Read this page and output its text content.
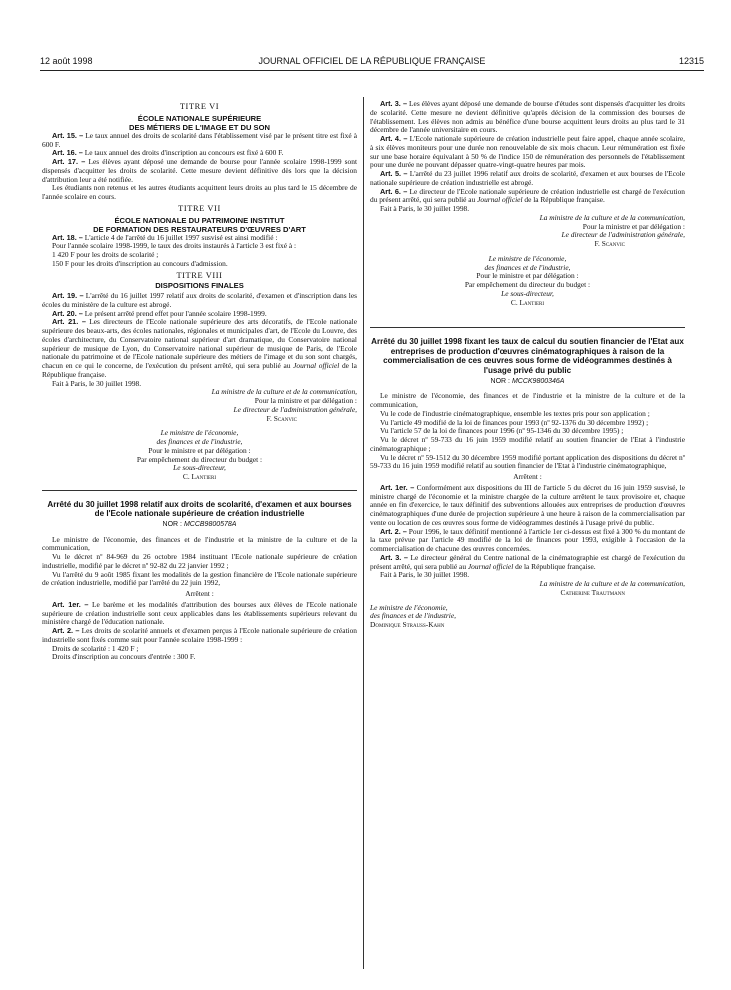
12 août 1998	JOURNAL OFFICIEL DE LA RÉPUBLIQUE FRANÇAISE	12315
TITRE VI
ÉCOLE NATIONALE SUPÉRIEURE
DES MÉTIERS DE L'IMAGE ET DU SON

Art. 15. – Le taux annuel des droits de scolarité dans l'établissement visé par le présent titre est fixé à 600 F.

Art. 16. – Le taux annuel des droits d'inscription au concours est fixé à 600 F.

Art. 17. – Les élèves ayant déposé une demande de bourse pour l'année scolaire 1998-1999 sont dispensés d'acquitter les droits de scolarité. Cette mesure devient définitive dès lors que la décision d'attribution leur a été notifiée.

Les étudiants non retenus et les autres étudiants acquittent leurs droits au plus tard le 15 décembre de l'année scolaire en cours.

TITRE VII
ÉCOLE NATIONALE DU PATRIMOINE INSTITUT
DE FORMATION DES RESTAURATEURS D'ŒUVRES D'ART

Art. 18. – L'article 4 de l'arrêté du 16 juillet 1997 susvisé est ainsi modifié :

Pour l'année scolaire 1998-1999, le taux des droits instaurés à l'article 3 est fixé à :

1 420 F pour les droits de scolarité ;

150 F pour les droits d'inscription au concours d'admission.

TITRE VIII
DISPOSITIONS FINALES

Art. 19. – L'arrêté du 16 juillet 1997 relatif aux droits de scolarité, d'examen et d'inscription dans les écoles du ministère de la culture est abrogé.

Art. 20. – Le présent arrêté prend effet pour l'année scolaire 1998-1999.

Art. 21. – Les directeurs de l'Ecole nationale supérieure des arts décoratifs, de l'Ecole nationale supérieure des beaux-arts, des écoles nationales, régionales et municipales d'art, de l'Ecole du Louvre, des écoles d'architecture, du Conservatoire national supérieur d'art dramatique, du Conservatoire national supérieur de musique de Lyon, du Conservatoire national supérieur de musique de Paris, de l'Ecole nationale du patrimoine et de l'Ecole nationale supérieure des métiers de l'image et du son sont chargés, chacun en ce qui le concerne, de l'exécution du présent arrêté, qui sera publié au Journal officiel de la République française.

Fait à Paris, le 30 juillet 1998.

La ministre de la culture et de la communication,

Pour la ministre et par délégation :

Le directeur de l'administration générale,

F. Scanvic

Le ministre de l'économie,

des finances et de l'industrie,

Pour le ministre et par délégation :

Par empêchement du directeur du budget :

Le sous-directeur,

C. Lantieri

Arrêté du 30 juillet 1998 relatif aux droits de scolarité, d'examen et aux bourses de l'Ecole nationale supérieure de création industrielle
NOR : MCCB9800578A

Le ministre de l'économie, des finances et de l'industrie et la ministre de la culture et de la communication,

Vu le décret nº 84-969 du 26 octobre 1984 instituant l'Ecole nationale supérieure de création industrielle, modifié par le décret nº 92-82 du 22 janvier 1992 ;

Vu l'arrêté du 9 août 1985 fixant les modalités de la gestion financière de l'Ecole nationale supérieure de création industrielle, modifié par l'arrêté du 22 juin 1992,

Arrêtent :

Art. 1er. – Le barème et les modalités d'attribution des bourses aux élèves de l'Ecole nationale supérieure de création industrielle sont ceux applicables dans les établissements supérieurs relevant du ministère chargé de l'éducation nationale.

Art. 2. – Les droits de scolarité annuels et d'examen perçus à l'Ecole nationale supérieure de création industrielle sont fixés comme suit pour l'année scolaire 1998-1999 :

Droits de scolarité : 1 420 F ;

Droits d'inscription au concours d'entrée : 300 F.

Art. 3. – Les élèves ayant déposé une demande de bourse d'études sont dispensés d'acquitter les droits de scolarité. Cette mesure ne devient définitive qu'après décision de la commission des bourses de l'établissement. Les élèves non admis au bénéfice d'une bourse acquittent leurs droits au plus tard le 31 décembre de l'année universitaire en cours.

Art. 4. – L'Ecole nationale supérieure de création industrielle peut faire appel, chaque année scolaire, à six élèves moniteurs pour une durée non renouvelable de six mois chacun. Leur rémunération est fixée sur une base horaire équivalant à 50 % de l'indice 150 de rémunération des personnels de l'établissement pour une durée ne pouvant dépasser quatre-vingt-quatre heures par mois.

Art. 5. – L'arrêté du 23 juillet 1996 relatif aux droits de scolarité, d'examen et aux bourses de l'Ecole nationale supérieure de création industrielle est abrogé.

Art. 6. – Le directeur de l'Ecole nationale supérieure de création industrielle est chargé de l'exécution du présent arrêté, qui sera publié au Journal officiel de la République française.

Fait à Paris, le 30 juillet 1998.

La ministre de la culture et de la communication,

Pour la ministre et par délégation :

Le directeur de l'administration générale,

F. Scanvic

Le ministre de l'économie,

des finances et de l'industrie,

Pour le ministre et par délégation :

Par empêchement du directeur du budget :

Le sous-directeur,

C. Lantieri

Arrêté du 30 juillet 1998 fixant les taux de calcul du soutien financier de l'Etat aux entreprises de production d'œuvres cinématographiques à raison de la commercialisation de ces œuvres sous forme de vidéogrammes destinés à l'usage privé du public
NOR : MCCK9800346A

Le ministre de l'économie, des finances et de l'industrie et la ministre de la culture et de la communication,

Vu le code de l'industrie cinématographique, ensemble les textes pris pour son application ;

Vu l'article 49 modifié de la loi de finances pour 1993 (nº 92-1376 du 30 décembre 1992) ;

Vu l'article 57 de la loi de finances pour 1996 (nº 95-1346 du 30 décembre 1995) ;

Vu le décret nº 59-733 du 16 juin 1959 modifié relatif au soutien financier de l'Etat à l'industrie cinématographique ;

Vu le décret nº 59-1512 du 30 décembre 1959 modifié portant application des dispositions du décret nº 59-733 du 16 juin 1959 modifié relatif au soutien financier de l'Etat à l'industrie cinématographique,

Arrêtent :

Art. 1er. – Conformément aux dispositions du III de l'article 5 du décret du 16 juin 1959 susvisé, le ministre chargé de l'économie et la ministre chargée de la culture arrêtent le taux provisoire et, chaque année en fin d'exercice, le taux définitif des subventions allouées aux entreprises de production d'œuvres cinématographiques d'une durée de projection supérieure à une heure à raison de la commercialisation par vente ou location de ces œuvres sous forme de vidéogrammes destinés à l'usage privé du public.

Art. 2. – Pour 1996, le taux définitif mentionné à l'article 1er ci-dessus est fixé à 300 % du montant de la taxe prévue par l'article 49 modifié de la loi de finances pour 1993, exigible à l'occasion de la commercialisation de chacune des œuvres concernées.

Art. 3. – Le directeur général du Centre national de la cinématographie est chargé de l'exécution du présent arrêté, qui sera publié au Journal officiel de la République française.

Fait à Paris, le 30 juillet 1998.

La ministre de la culture et de la communication,

Catherine Trautmann

Le ministre de l'économie,

des finances et de l'industrie,

Dominique Strauss-Kahn
